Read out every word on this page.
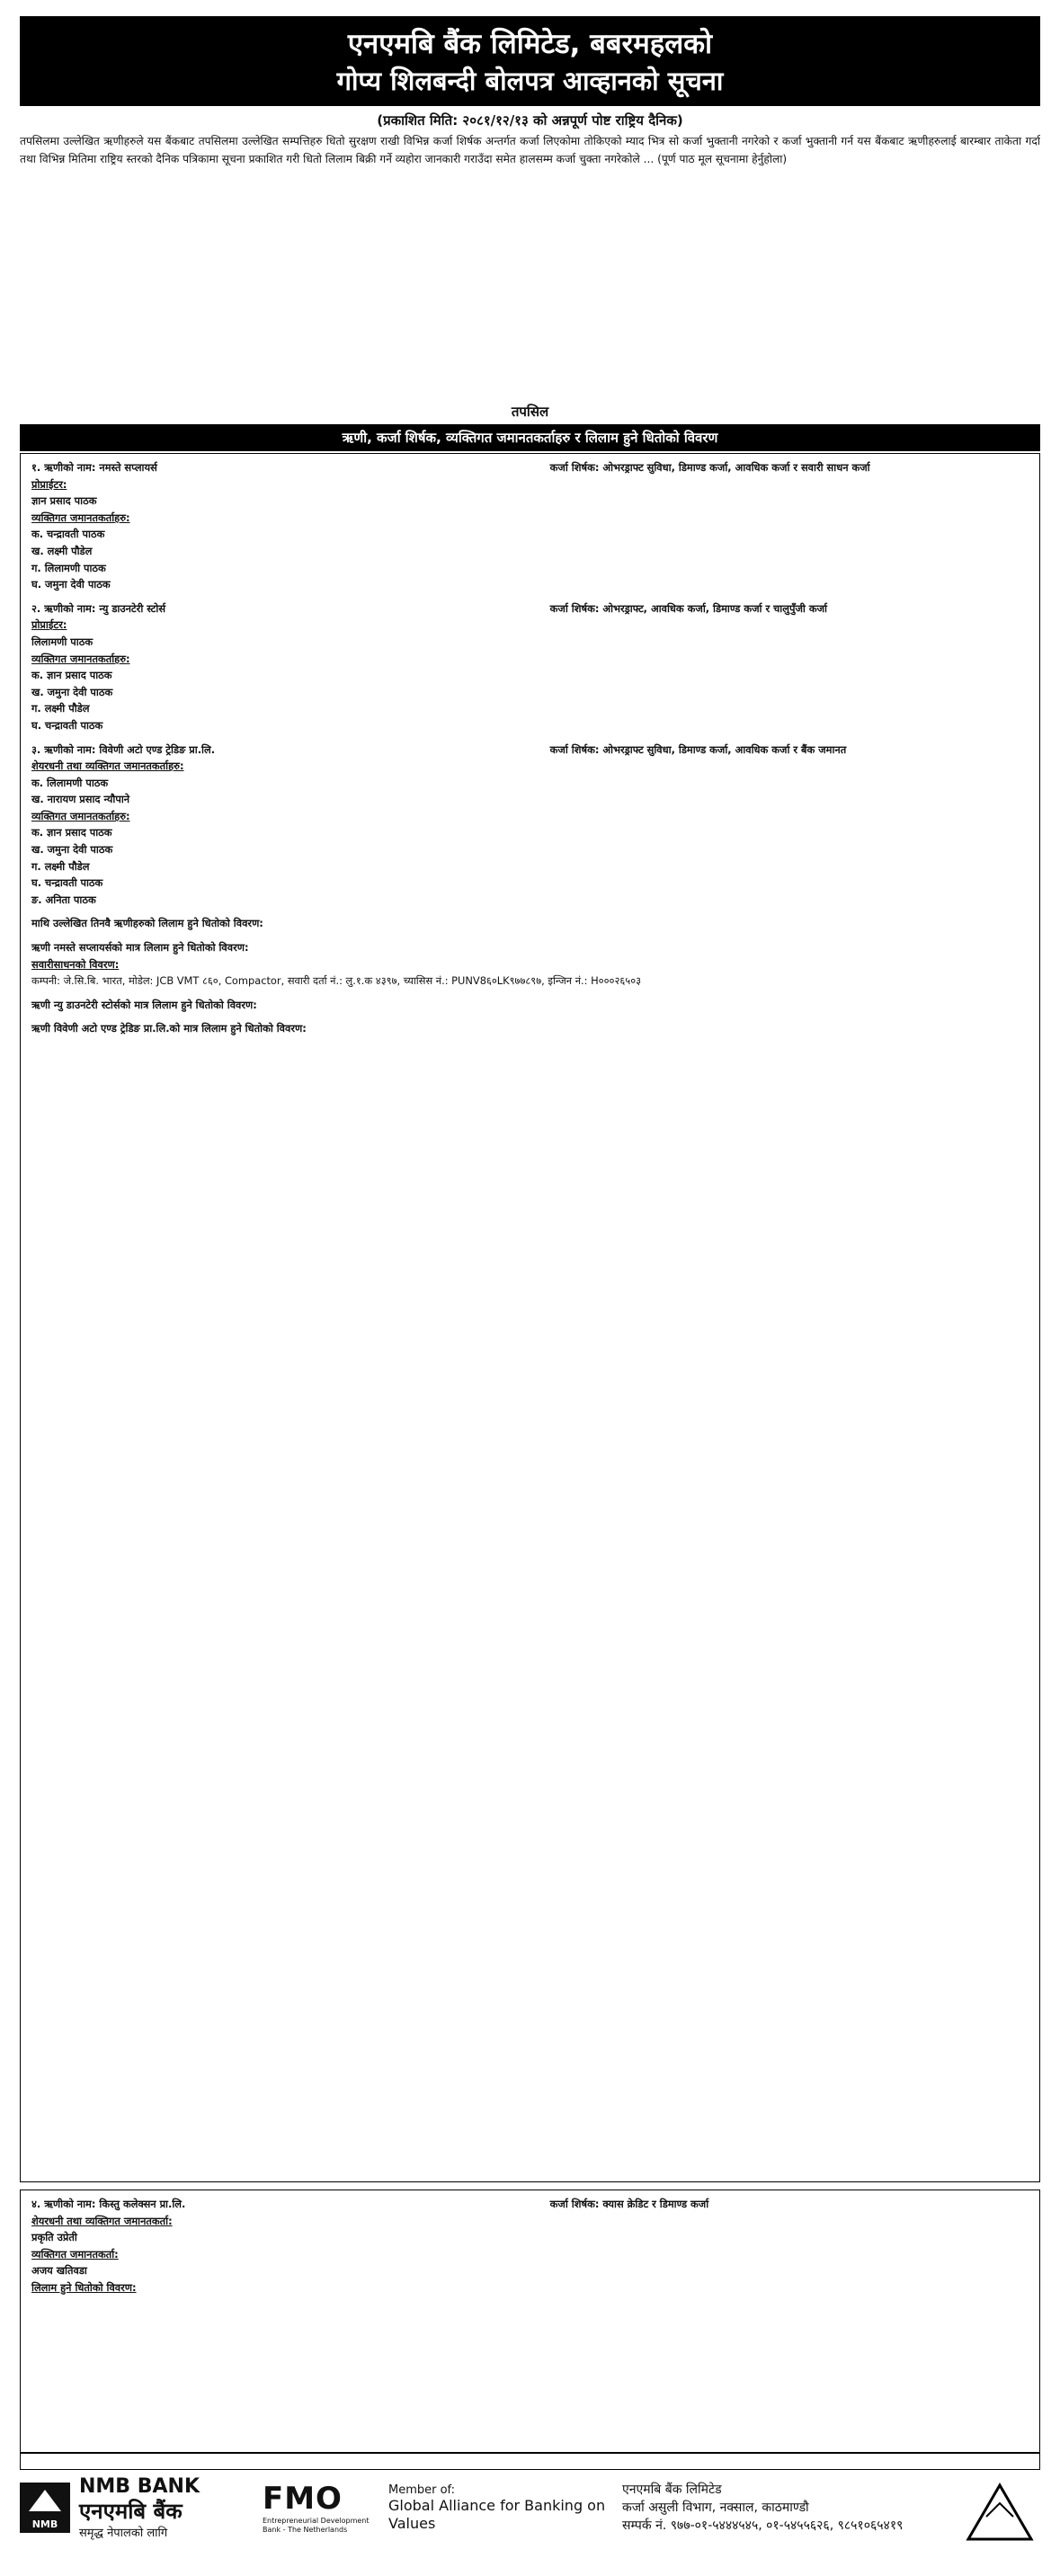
एनएमबि बैंक लिमिटेड, बबरमहलको
गोप्य शिलबन्दी बोलपत्र आव्हानको सूचना
(प्रकाशित मिति: २०८१/१२/१३ को अन्नपूर्ण पोष्ट राष्ट्रिय दैनिक)
तपसिलमा उल्लेखित ऋणीहरुले यस बैंकबाट तपसिलमा उल्लेखित सम्पत्तिहरु धितो सुरक्षण राखी विभिन्न कर्जा शिर्षक अन्तर्गत कर्जा लिएकोमा तोकिएको म्याद भित्र सो कर्जा भुक्तानी नगरेको र कर्जा भुक्तानी गर्न यस बैंकबाट ऋणीहरुलाई बारम्बार ताकेता गर्दा तथा विभिन्न मितिमा राष्ट्रिय स्तरको दैनिक पत्रिकामा सूचना प्रकाशित गरी धितो लिलाम बिक्री गर्ने व्यहोरा जानकारी गराउँदा समेत हालसम्म कर्जा चुक्ता नगरेकोले ... (पूर्ण पाठ मूल सूचनामा हेर्नुहोला)
तपसिल
ऋणी, कर्जा शिर्षक, व्यक्तिगत जमानतकर्ताहरु र लिलाम हुने धितोको विवरण
१. ऋणीको नाम: नमस्ते सप्लायर्स	कर्जा शिर्षक: ओभरड्राफ्ट सुविधा, डिमाण्ड कर्जा, आवधिक कर्जा र सवारी साधन कर्जा

प्रोप्राईटर:

ज्ञान प्रसाद पाठक

व्यक्तिगत जमानतकर्ताहरु:

क. चन्द्रावती पाठक

ख. लक्ष्मी पौडेल

ग. लिलामणी पाठक

घ. जमुना देवी पाठक

२. ऋणीको नाम: न्यु डाउनटेरी स्टोर्स	कर्जा शिर्षक: ओभरड्राफ्ट, आवधिक कर्जा, डिमाण्ड कर्जा र चालुपुँजी कर्जा

प्रोप्राईटर:

लिलामणी पाठक

व्यक्तिगत जमानतकर्ताहरु:

क. ज्ञान प्रसाद पाठक

ख. जमुना देवी पाठक

ग. लक्ष्मी पौडेल

घ. चन्द्रावती पाठक

३. ऋणीको नाम: विवेणी अटो एण्ड ट्रेडिङ प्रा.लि.	कर्जा शिर्षक: ओभरड्राफ्ट सुविधा, डिमाण्ड कर्जा, आवधिक कर्जा र बैंक जमानत

शेयरधनी तथा व्यक्तिगत जमानतकर्ताहरु:

क. लिलामणी पाठक

ख. नारायण प्रसाद न्यौपाने

व्यक्तिगत जमानतकर्ताहरु:

क. ज्ञान प्रसाद पाठक

ख. जमुना देवी पाठक

ग. लक्ष्मी पौडेल

घ. चन्द्रावती पाठक

ङ. अनिता पाठक

माथि उल्लेखित तिनवै ऋणीहरुको लिलाम हुने धितोको विवरण:

ऋणी नमस्ते सप्लायर्सको मात्र लिलाम हुने धितोको विवरण:

सवारीसाधनको विवरण:

कम्पनी: जे.सि.बि. भारत, मोडेल: JCB VMT ८६०, Compactor, सवारी दर्ता नं.: लु.१.क ४३९७, च्यासिस नं.: PUNV8६०LK९७७८९७, इन्जिन नं.: H०००२६५०३

ऋणी न्यु डाउनटेरी स्टोर्सको मात्र लिलाम हुने धितोको विवरण:

ऋणी विवेणी अटो एण्ड ट्रेडिङ प्रा.लि.को मात्र लिलाम हुने धितोको विवरण:

४. ऋणीको नाम: किस्तु कलेक्सन प्रा.लि.	कर्जा शिर्षक: क्यास क्रेडिट र डिमाण्ड कर्जा

शेयरधनी तथा व्यक्तिगत जमानतकर्ता:

प्रकृति उप्रेती

व्यक्तिगत जमानतकर्ता:

अजय खतिवडा

लिलाम हुने धितोको विवरण:

NMB
NMB BANK
एनएमबि बैंक
समृद्ध नेपालको लागि
FMO
Entrepreneurial Development Bank - The Netherlands
Member of:
Global Alliance for Banking on Values
एनएमबि बैंक लिमिटेड
कर्जा असुली विभाग, नक्साल, काठमाण्डौ
सम्पर्क नं. ९७७-०१-५४४४५४५, ०१-५४५५६२६, ९८५१०६५४१९
